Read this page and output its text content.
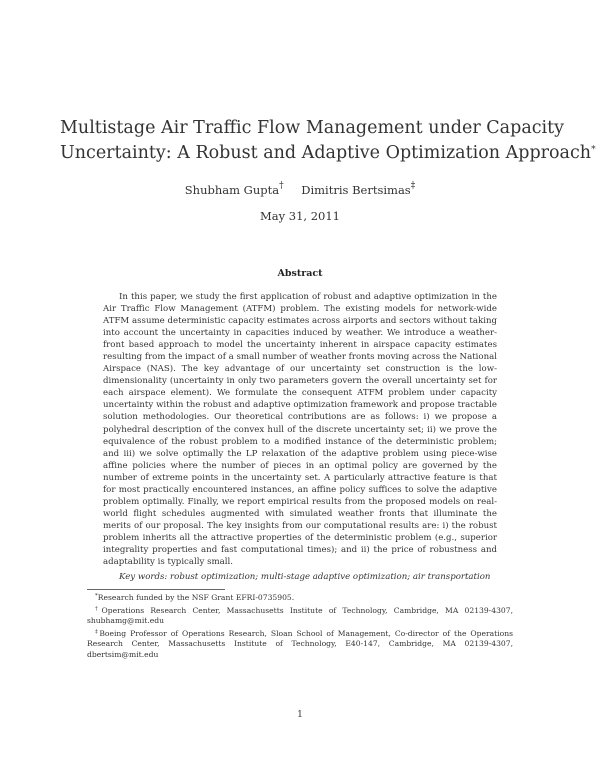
Multistage Air Traffic Flow Management under Capacity
Uncertainty: A Robust and Adaptive Optimization Approach*
Shubham Gupta† Dimitris Bertsimas‡
May 31, 2011
Abstract

In this paper, we study the first application of robust and adaptive optimization in the Air Traffic Flow Management (ATFM) problem. The existing models for network-wide ATFM assume deterministic capacity estimates across airports and sectors without taking into account the uncertainty in capacities induced by weather. We introduce a weather-front based approach to model the uncertainty inherent in airspace capacity estimates resulting from the impact of a small number of weather fronts moving across the National Airspace (NAS). The key advantage of our uncertainty set construction is the low-dimensionality (uncertainty in only two parameters govern the overall uncertainty set for each airspace element). We formulate the consequent ATFM problem under capacity uncertainty within the robust and adaptive optimization framework and propose tractable solution methodologies. Our theoretical contributions are as follows: i) we propose a polyhedral description of the convex hull of the discrete uncertainty set; ii) we prove the equivalence of the robust problem to a modified instance of the deterministic problem; and iii) we solve optimally the LP relaxation of the adaptive problem using piece-wise affine policies where the number of pieces in an optimal policy are governed by the number of extreme points in the uncertainty set. A particularly attractive feature is that for most practically encountered instances, an affine policy suffices to solve the adaptive problem optimally. Finally, we report empirical results from the proposed models on real-world flight schedules augmented with simulated weather fronts that illuminate the merits of our proposal. The key insights from our computational results are: i) the robust problem inherits all the attractive properties of the deterministic problem (e.g., superior integrality properties and fast computational times); and ii) the price of robustness and adaptability is typically small.

Key words: robust optimization; multi-stage adaptive optimization; air transportation

*Research funded by the NSF Grant EFRI-0735905.

†Operations Research Center, Massachusetts Institute of Technology, Cambridge, MA 02139-4307, shubhamg@mit.edu

‡Boeing Professor of Operations Research, Sloan School of Management, Co-director of the Operations Research Center, Massachusetts Institute of Technology, E40-147, Cambridge, MA 02139-4307, dbertsim@mit.edu

1
